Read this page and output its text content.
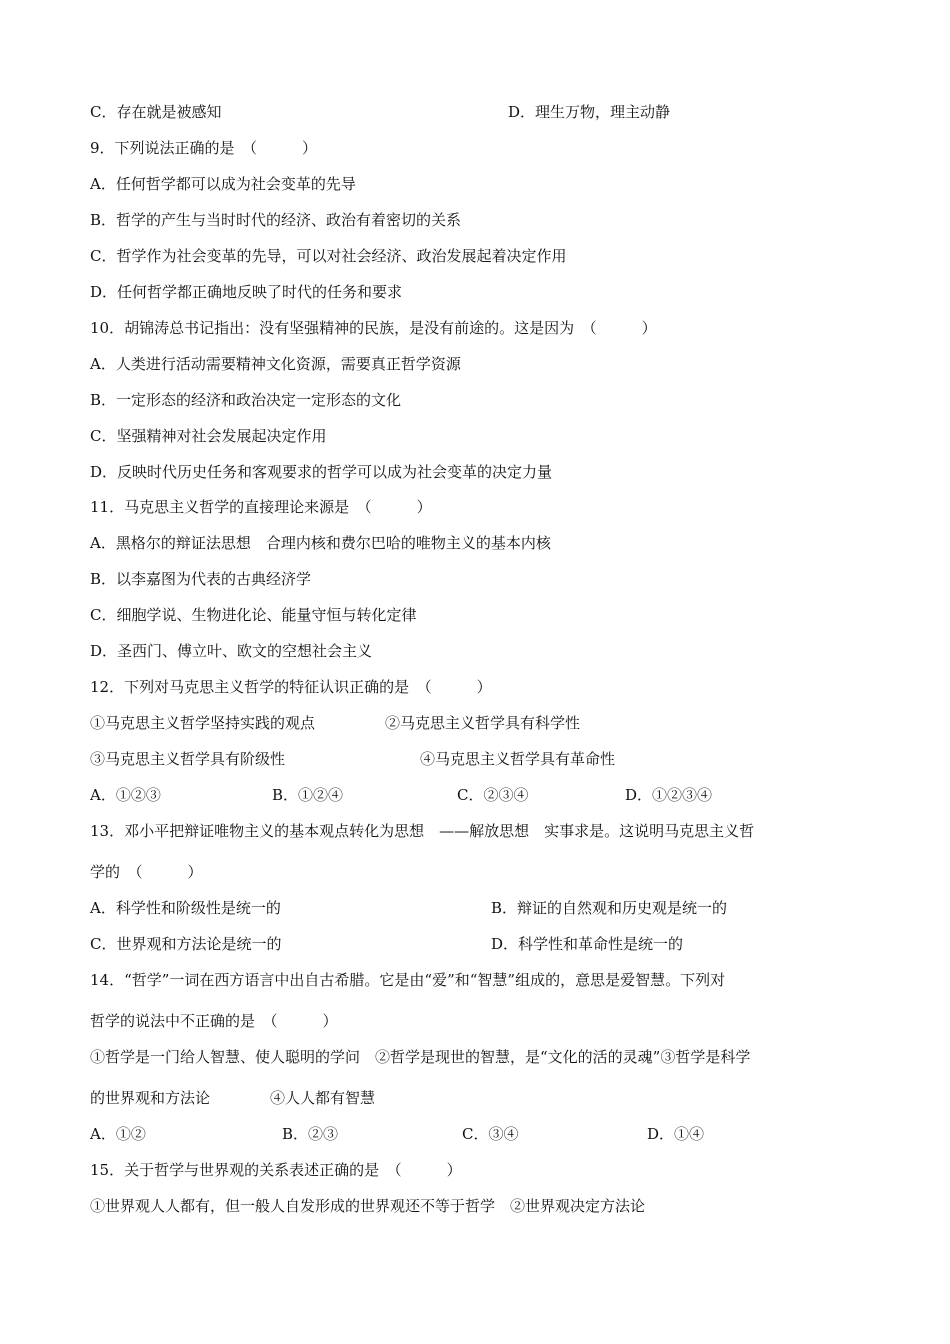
C．存在就是被感知	D．理生万物，理主动静
9．下列说法正确的是　（　　　）
A．任何哲学都可以成为社会变革的先导
B．哲学的产生与当时时代的经济、政治有着密切的关系
C．哲学作为社会变革的先导，可以对社会经济、政治发展起着决定作用
D．任何哲学都正确地反映了时代的任务和要求
10．胡锦涛总书记指出：没有坚强精神的民族，是没有前途的。这是因为　（　　　）
A．人类进行活动需要精神文化资源，需要真正哲学资源
B．一定形态的经济和政治决定一定形态的文化
C．坚强精神对社会发展起决定作用
D．反映时代历史任务和客观要求的哲学可以成为社会变革的决定力量
11．马克思主义哲学的直接理论来源是　（　　　）
A．黑格尔的辩证法思想　合理内核和费尔巴哈的唯物主义的基本内核
B．以李嘉图为代表的古典经济学
C．细胞学说、生物进化论、能量守恒与转化定律
D．圣西门、傅立叶、欧文的空想社会主义
12．下列对马克思主义哲学的特征认识正确的是　（　　　）
①马克思主义哲学坚持实践的观点	②马克思主义哲学具有科学性
③马克思主义哲学具有阶级性	④马克思主义哲学具有革命性
A．①②③	B．①②④	C．②③④	D．①②③④
13．邓小平把辩证唯物主义的基本观点转化为思想　——解放思想　实事求是。这说明马克思主义哲
学的　（　　　）
A．科学性和阶级性是统一的	B．辩证的自然观和历史观是统一的
C．世界观和方法论是统一的	D．科学性和革命性是统一的
14．“哲学”一词在西方语言中出自古希腊。它是由“爱”和“智慧”组成的，意思是爱智慧。下列对
哲学的说法中不正确的是　（　　　）
①哲学是一门给人智慧、使人聪明的学问　②哲学是现世的智慧，是“文化的活的灵魂”③哲学是科学
的世界观和方法论　　　　④人人都有智慧
A．①②	B．②③	C．③④	D．①④
15．关于哲学与世界观的关系表述正确的是　（　　　）
①世界观人人都有，但一般人自发形成的世界观还不等于哲学　②世界观决定方法论
